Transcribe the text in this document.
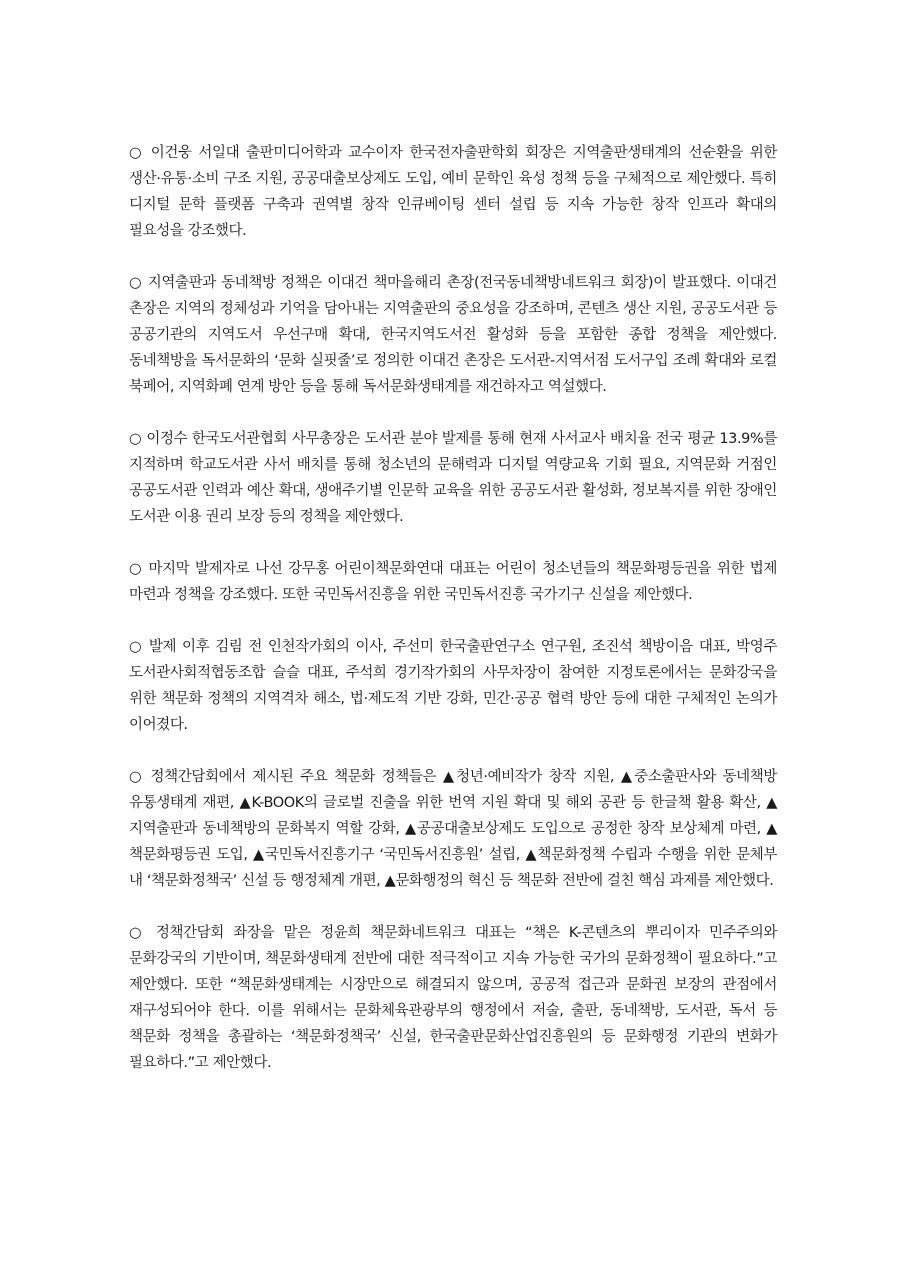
○ 이건웅 서일대 출판미디어학과 교수이자 한국전자출판학회 회장은 지역출판생태계의 선순환을 위한 생산·유통·소비 구조 지원, 공공대출보상제도 도입, 예비 문학인 육성 정책 등을 구체적으로 제안했다. 특히 디지털 문학 플랫폼 구축과 권역별 창작 인큐베이팅 센터 설립 등 지속 가능한 창작 인프라 확대의 필요성을 강조했다.

○ 지역출판과 동네책방 정책은 이대건 책마을해리 촌장(전국동네책방네트워크 회장)이 발표했다. 이대건 촌장은 지역의 정체성과 기억을 담아내는 지역출판의 중요성을 강조하며, 콘텐츠 생산 지원, 공공도서관 등 공공기관의 지역도서 우선구매 확대, 한국지역도서전 활성화 등을 포함한 종합 정책을 제안했다. 동네책방을 독서문화의 ‘문화 실핏줄’로 정의한 이대건 촌장은 도서관-지역서점 도서구입 조례 확대와 로컬 북페어, 지역화폐 연계 방안 등을 통해 독서문화생태계를 재건하자고 역설했다.

○ 이정수 한국도서관협회 사무총장은 도서관 분야 발제를 통해 현재 사서교사 배치율 전국 평균 13.9%를 지적하며 학교도서관 사서 배치를 통해 청소년의 문해력과 디지털 역량교육 기회 필요, 지역문화 거점인 공공도서관 인력과 예산 확대, 생애주기별 인문학 교육을 위한 공공도서관 활성화, 정보복지를 위한 장애인 도서관 이용 권리 보장 등의 정책을 제안했다.

○ 마지막 발제자로 나선 강무홍 어린이책문화연대 대표는 어린이 청소년들의 책문화평등권을 위한 법제 마련과 정책을 강조했다. 또한 국민독서진흥을 위한 국민독서진흥 국가기구 신설을 제안했다.

○ 발제 이후 김림 전 인천작가회의 이사, 주선미 한국출판연구소 연구원, 조진석 책방이음 대표, 박영주 도서관사회적협동조합 슬슬 대표, 주석희 경기작가회의 사무차장이 참여한 지정토론에서는 문화강국을 위한 책문화 정책의 지역격차 해소, 법·제도적 기반 강화, 민간·공공 협력 방안 등에 대한 구체적인 논의가 이어졌다.

○ 정책간담회에서 제시된 주요 책문화 정책들은 ▲청년·예비작가 창작 지원, ▲중소출판사와 동네책방 유통생태계 재편, ▲K-BOOK의 글로벌 진출을 위한 번역 지원 확대 및 해외 공관 등 한글책 활용 확산, ▲지역출판과 동네책방의 문화복지 역할 강화, ▲공공대출보상제도 도입으로 공정한 창작 보상체계 마련, ▲책문화평등권 도입, ▲국민독서진흥기구 ‘국민독서진흥원’ 설립, ▲책문화정책 수립과 수행을 위한 문체부 내 ‘책문화정책국’ 신설 등 행정체계 개편, ▲문화행정의 혁신 등 책문화 전반에 걸친 핵심 과제를 제안했다.

○ 정책간담회 좌장을 맡은 정윤희 책문화네트워크 대표는 “책은 K-콘텐츠의 뿌리이자 민주주의와 문화강국의 기반이며, 책문화생태계 전반에 대한 적극적이고 지속 가능한 국가의 문화정책이 필요하다.”고 제안했다. 또한 “책문화생태계는 시장만으로 해결되지 않으며, 공공적 접근과 문화권 보장의 관점에서 재구성되어야 한다. 이를 위해서는 문화체육관광부의 행정에서 저술, 출판, 동네책방, 도서관, 독서 등 책문화 정책을 총괄하는 ‘책문화정책국’ 신설, 한국출판문화산업진흥원의 등 문화행정 기관의 변화가 필요하다.”고 제안했다.
